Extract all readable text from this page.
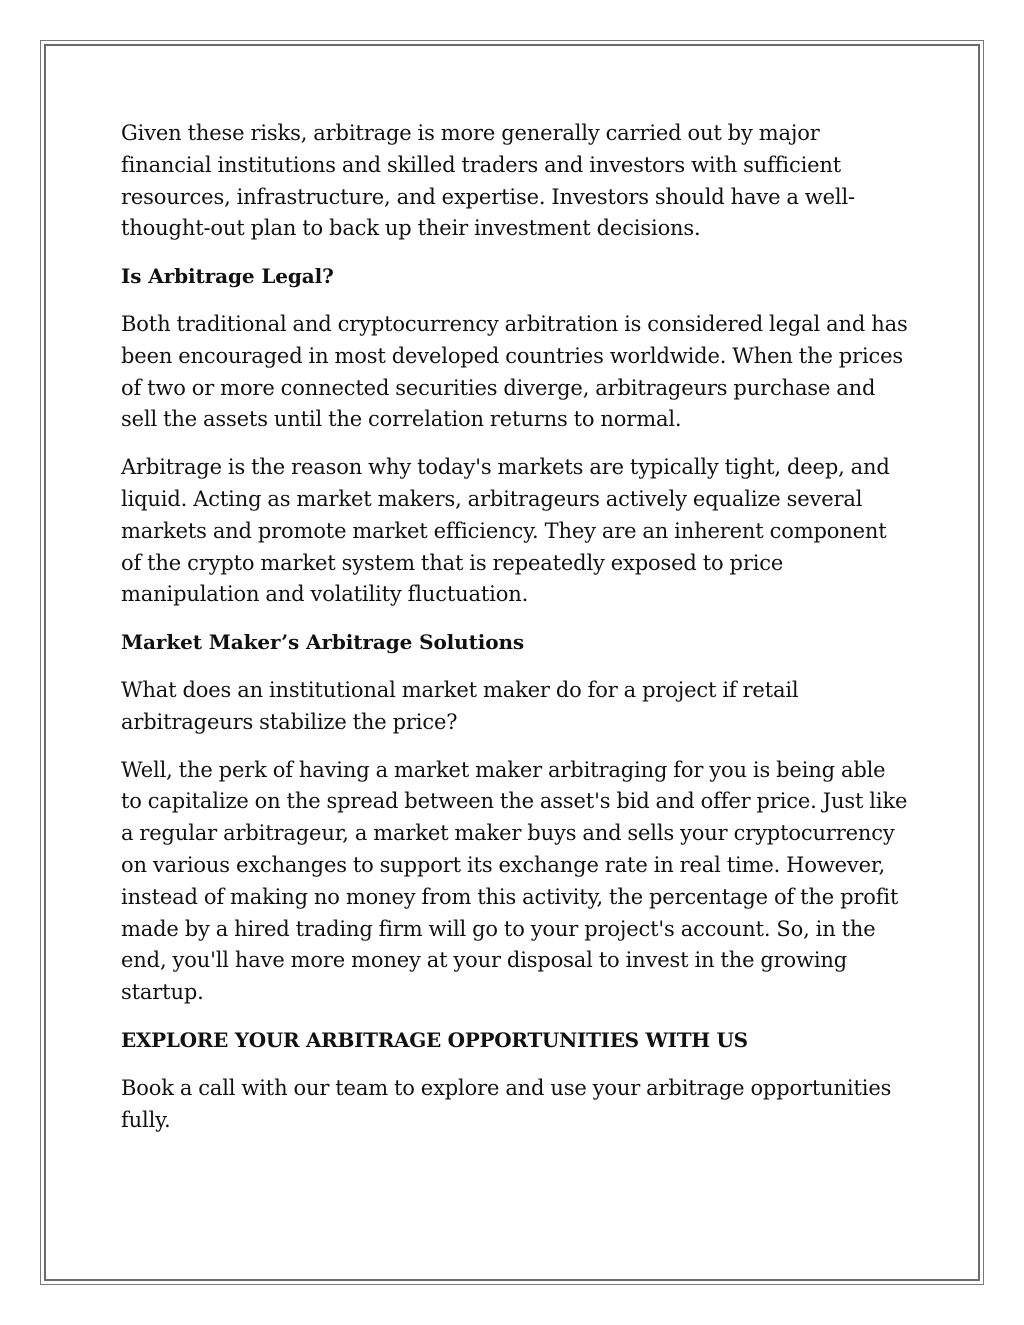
Given these risks, arbitrage is more generally carried out by major financial institutions and skilled traders and investors with sufficient resources, infrastructure, and expertise. Investors should have a well-thought-out plan to back up their investment decisions.

Is Arbitrage Legal?

Both traditional and cryptocurrency arbitration is considered legal and has been encouraged in most developed countries worldwide. When the prices of two or more connected securities diverge, arbitrageurs purchase and sell the assets until the correlation returns to normal.

Arbitrage is the reason why today's markets are typically tight, deep, and liquid. Acting as market makers, arbitrageurs actively equalize several markets and promote market efficiency. They are an inherent component of the crypto market system that is repeatedly exposed to price manipulation and volatility fluctuation.

Market Maker’s Arbitrage Solutions

What does an institutional market maker do for a project if retail arbitrageurs stabilize the price?

Well, the perk of having a market maker arbitraging for you is being able to capitalize on the spread between the asset's bid and offer price. Just like a regular arbitrageur, a market maker buys and sells your cryptocurrency on various exchanges to support its exchange rate in real time. However, instead of making no money from this activity, the percentage of the profit made by a hired trading firm will go to your project's account. So, in the end, you'll have more money at your disposal to invest in the growing startup.

EXPLORE YOUR ARBITRAGE OPPORTUNITIES WITH US

Book a call with our team to explore and use your arbitrage opportunities fully.
